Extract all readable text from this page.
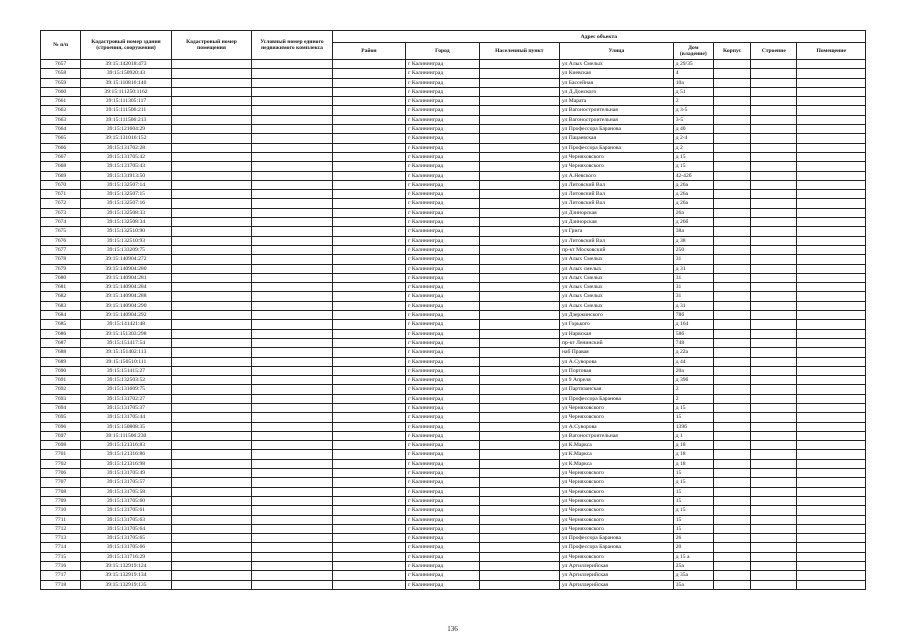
№ п/п	Кадастровый номер здания (строения, сооружения)	Кадастровый номер помещения	Условный номер единого недвижимого комплекса	Адрес объекта							
				Район	Город	Населенный пункт	Улица	Дом (владение)	Корпус	Строение	Помещение
7657	39:15:142018:473				г Калининград		ул Алых Смелых	д 29/35			
7658	39:15:150920:43				г Калининград		ул Киевская	4			
7659	39:15:110816:140				г Калининград		ул Бассейная	10а			
7660	39:15:111250:1162				г Калининград		ул Д.Донского	д 51			
7661	39:15:111305:117				г Калининград		ул Марата	2			
7662	39:15:111506:211				г Калининград		ул Вагоностроительная	д 3-5			
7663	39:15:111506:213				г Калининград		ул Вагоностроительная	3-5			
7664	39:15:121604:29				г Калининград		ул Профессора Баранова	д 40			
7665	39:15:131016:152				г Калининград		ул Пацаевская	д 2-4			
7666	39:15:131702:28				г Калининград		ул Профессора Баранова	д 2			
7667	39:15:131705:42				г Калининград		ул Черняховского	д 15			
7668	39:15:131705:43				г Калининград		ул Черняховского	д 15			
7669	39:15:131913:50				г Калининград		ул А.Невского	42-42б			
7670	39:15:132507:14				г Калининград		ул Литовский Вал	д 26а			
7671	39:15:132507:15				г Калининград		ул Литовский Вал	д 26а			
7672	39:15:132507:16				г Калининград		ул Литовский Вал	д 26а			
7673	39:15:132508:33				г Калининград		ул Дзинорская	26а			
7674	39:15:132508:34				г Калининград		ул Дзинорская	д 26б			
7675	39:15:132510:90				г Калининград		ул Грига	38а			
7676	39:15:132510:93				г Калининград		ул Литовский Вал	д 38			
7677	39:15:133209:75				г Калининград		пр-кт Московский	250			
7678	39:15:140904:272				г Калининград		ул Алых Смелых	31			
7679	39:15:140904:280				г Калининград		ул Алых смелых	д 31			
7680	39:15:140904:281				г Калининград		ул Алых Смелых	31			
7681	39:15:140904:284				г Калининград		ул Алых Смелых	31			
7682	39:15:140904:288				г Калининград		ул Алых Смелых	31			
7683	39:15:140904:290				г Калининград		ул Алых Смелых	д 31			
7684	39:15:140904:292				г Калининград		ул Дзержинского	78б			
7685	39:15:141421:48				г Калининград		ул Горького	д 164			
7686	39:15:151303:298				г Калининград		ул Нарвская	58б			
7687	39:15:151417:54				г Калининград		пр-кт Ленинский	748			
7688	39:15:151402:113				г Калининград		наб Правая	д 22а			
7689	39:15:150510:111				г Калининград		ул А.Суворова	д 44			
7690	39:15:151415:27				г Калининград		ул Портовая	20а			
7691	39:15:132503:52				г Калининград		ул 9 Апреля	д 39б			
7692	39:15:131609:75				г Калининград		ул Партизанская	2			
7693	39:15:131702:27				г Калининград		ул Профессора Баранова	2			
7694	39:15:131705:37				г Калининград		ул Черняховского	д 15			
7695	39:15:131705:44				г Калининград		ул Черняховского	15			
7696	39:15:150808:35				г Калининград		ул А.Суворова	139б			
7697	39:15:111506:230				г Калининград		ул Вагоностроительная	д 1			
7698	39:15:121316:83				г Калининград		ул К.Маркса	д 18			
7701	39:15:121316:86				г Калининград		ул К.Маркса	д 18			
7702	39:15:121316:98				г Калининград		ул К.Маркса	д 18			
7706	39:15:131705:49				г Калининград		ул Черняховского	15			
7707	39:15:131705:57				г Калининград		ул Черняховского	д 15			
7708	39:15:131705:58				г Калининград		ул Черняховского	15			
7709	39:15:131705:60				г Калининград		ул Черняховского	15			
7710	39:15:131705:61				г Калининград		ул Черняховского	д 15			
7711	39:15:131705:63				г Калининград		ул Черняховского	15			
7712	39:15:131705:64				г Калининград		ул Черняховского	15			
7713	39:15:131705:65				г Калининград		ул Профессора Баранова	26			
7714	39:15:131705:66				г Калининград		ул Профессора Баранова	20			
7715	39:15:131716:29				г Калининград		ул Черняховского	д 15 а			
7716	39:15:132919:124				г Калининград		ул Артиллерийская	25а			
7717	39:15:132919:134				г Калининград		ул Артиллерийская	д 35а			
7718	39:15:132919:135				г Калининград		ул Артиллерийская	35а			
136
